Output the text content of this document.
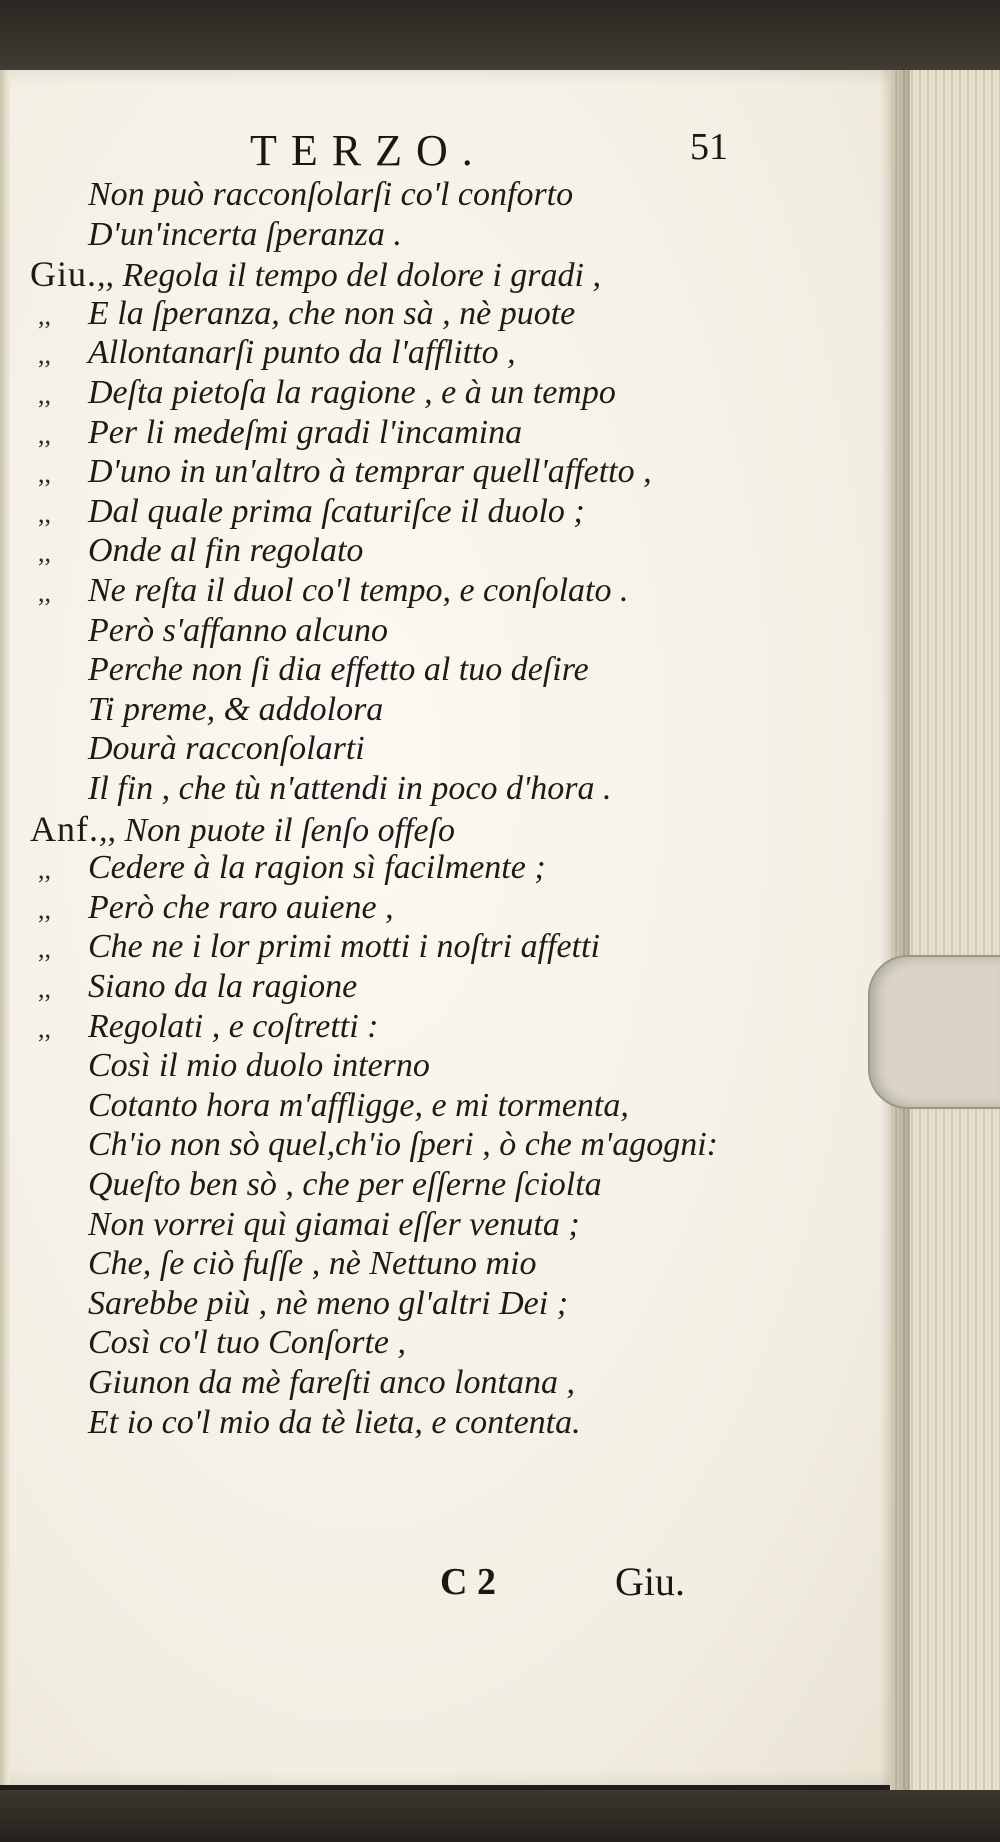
TERZO.	51
Non può racconſolarſi co'l conforto
D'un'incerta ſperanza .
Giu.,, Regola il tempo del dolore i gradi ,
,, E la ſperanza, che non sà , nè puote
,, Allontanarſi punto da l'afflitto ,
,, Deſta pietoſa la ragione , e à un tempo
,, Per li medeſmi gradi l'incamina
,, D'uno in un'altro à temprar quell'affetto ,
,, Dal quale prima ſcaturiſce il duolo ;
,, Onde al fin regolato
,, Ne reſta il duol co'l tempo, e conſolato .
Però s'affanno alcuno
Perche non ſi dia effetto al tuo deſire
Ti preme, & addolora
Dourà racconſolarti
Il fin , che tù n'attendi in poco d'hora .
Anf.,, Non puote il ſenſo offeſo
,, Cedere à la ragion sì facilmente ;
,, Però che raro auiene ,
,, Che ne i lor primi motti i noſtri affetti
,, Siano da la ragione
,, Regolati , e coſtretti :
Così il mio duolo interno
Cotanto hora m'affligge, e mi tormenta,
Ch'io non sò quel,ch'io ſperi , ò che m'agogni:
Queſto ben sò , che per eſſerne ſciolta
Non vorrei quì giamai eſſer venuta ;
Che, ſe ciò fuſſe , nè Nettuno mio
Sarebbe più , nè meno gl'altri Dei ;
Così co'l tuo Conſorte ,
Giunon da mè fareſti anco lontana ,
Et io co'l mio da tè lieta, e contenta.
C 2	Giu.
